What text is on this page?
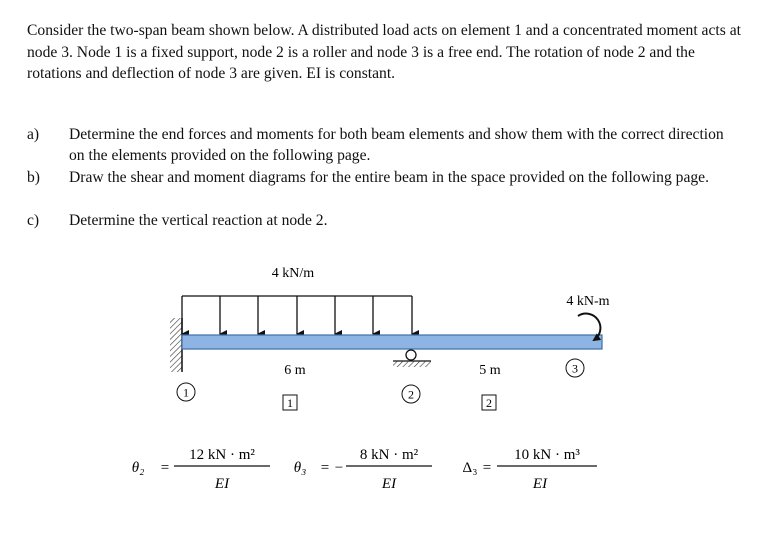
Consider the two-span beam shown below. A distributed load acts on element 1 and a concentrated moment acts at node 3. Node 1 is a fixed support, node 2 is a roller and node 3 is a free end. The rotation of node 2 and the rotations and deflection of node 3 are given. EI is constant.

a) Determine the end forces and moments for both beam elements and show them with the correct direction on the elements provided on the following page.
b) Draw the shear and moment diagrams for the entire beam in the space provided on the following page.
c) Determine the vertical reaction at node 2.
4 kN/m
4 kN-m
6 m	5 m
1	2
3
1	2
θ₂ =
12 kN · m²
EI
θ₃ = −
8 kN · m²
EI
Δ₃ =
10 kN · m³
EI
